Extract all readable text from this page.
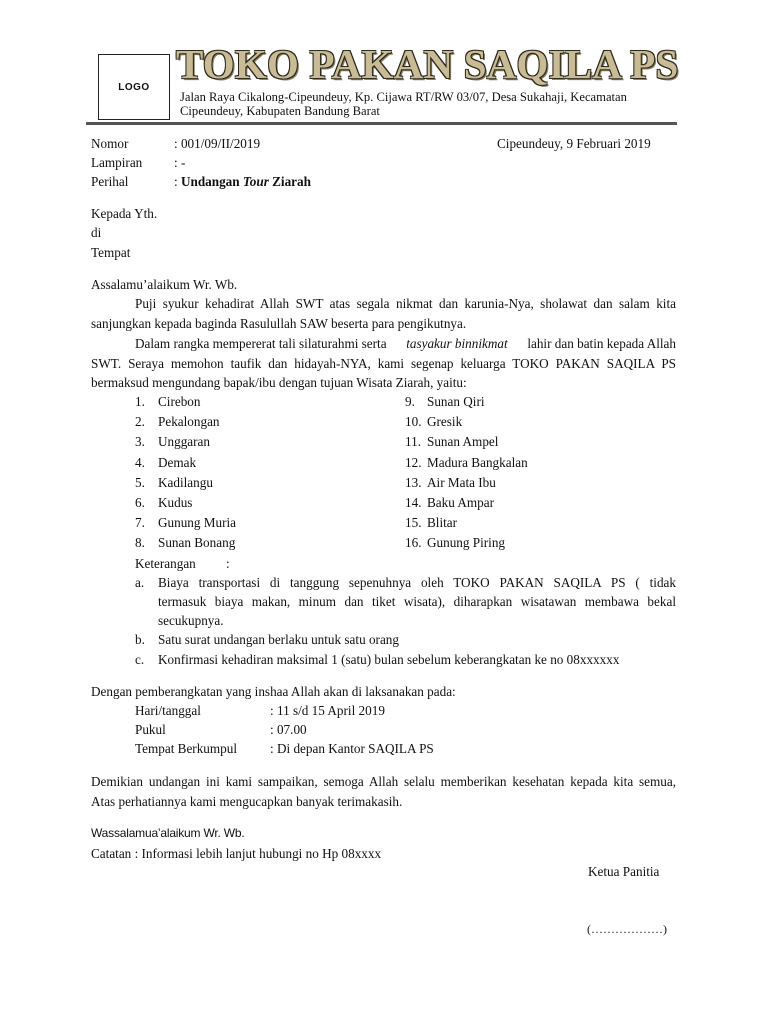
LOGO TOKO PAKAN SAQILA PS
Jalan Raya Cikalong-Cipeundeuy, Kp. Cijawa RT/RW 03/07, Desa Sukahaji, Kecamatan
Cipeundeuy, Kabupaten Bandung Barat
Nomor	: 001/09/II/2019	Cipeundeuy, 9 Februari 2019
Lampiran : -
Perihal	: Undangan Tour Ziarah
Kepada Yth.
di
Tempat
Assalamu’alaikum Wr. Wb.
Puji syukur kehadirat Allah SWT atas segala nikmat dan karunia-Nya, sholawat dan salam kita
sanjungkan kepada baginda Rasulullah SAW beserta para pengikutnya.
Dalam rangka mempererat tali silaturahmi serta tasyakur binnikmat lahir dan batin kepada Allah
SWT. Seraya memohon taufik dan hidayah-NYA, kami segenap keluarga TOKO PAKAN SAQILA PS
bermaksud mengundang bapak/ibu dengan tujuan Wisata Ziarah, yaitu:
1. Cirebon
2. Pekalongan
3. Unggaran
4. Demak
5. Kadilangu
6. Kudus
7. Gunung Muria
8. Sunan Bonang
9. Sunan Qiri
10. Gresik
11. Sunan Ampel
12. Madura Bangkalan
13. Air Mata Ibu
14. Baku Ampar
15. Blitar
16. Gunung Piring
Keterangan :
a. Biaya transportasi di tanggung sepenuhnya oleh TOKO PAKAN SAQILA PS ( tidak
termasuk biaya makan, minum dan tiket wisata), diharapkan wisatawan membawa bekal
secukupnya.
b. Satu surat undangan berlaku untuk satu orang
c. Konfirmasi kehadiran maksimal 1 (satu) bulan sebelum keberangkatan ke no 08xxxxxx
Dengan pemberangkatan yang inshaa Allah akan di laksanakan pada:
Hari/tanggal	: 11 s/d 15 April 2019
Pukul	: 07.00
Tempat Berkumpul	: Di depan Kantor SAQILA PS
Demikian undangan ini kami sampaikan, semoga Allah selalu memberikan kesehatan kepada kita semua,
Atas perhatiannya kami mengucapkan banyak terimakasih.
Wassalamua’alaikum Wr. Wb.
Catatan : Informasi lebih lanjut hubungi no Hp 08xxxx
Ketua Panitia
(………………)
